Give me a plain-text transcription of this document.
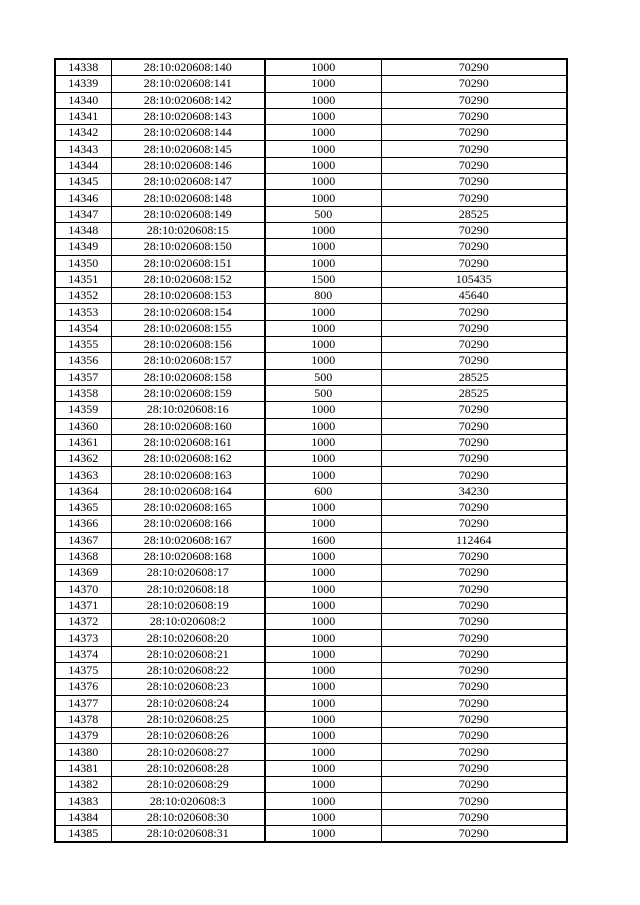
14338	28:10:020608:140	1000	70290
14339	28:10:020608:141	1000	70290
14340	28:10:020608:142	1000	70290
14341	28:10:020608:143	1000	70290
14342	28:10:020608:144	1000	70290
14343	28:10:020608:145	1000	70290
14344	28:10:020608:146	1000	70290
14345	28:10:020608:147	1000	70290
14346	28:10:020608:148	1000	70290
14347	28:10:020608:149	500	28525
14348	28:10:020608:15	1000	70290
14349	28:10:020608:150	1000	70290
14350	28:10:020608:151	1000	70290
14351	28:10:020608:152	1500	105435
14352	28:10:020608:153	800	45640
14353	28:10:020608:154	1000	70290
14354	28:10:020608:155	1000	70290
14355	28:10:020608:156	1000	70290
14356	28:10:020608:157	1000	70290
14357	28:10:020608:158	500	28525
14358	28:10:020608:159	500	28525
14359	28:10:020608:16	1000	70290
14360	28:10:020608:160	1000	70290
14361	28:10:020608:161	1000	70290
14362	28:10:020608:162	1000	70290
14363	28:10:020608:163	1000	70290
14364	28:10:020608:164	600	34230
14365	28:10:020608:165	1000	70290
14366	28:10:020608:166	1000	70290
14367	28:10:020608:167	1600	112464
14368	28:10:020608:168	1000	70290
14369	28:10:020608:17	1000	70290
14370	28:10:020608:18	1000	70290
14371	28:10:020608:19	1000	70290
14372	28:10:020608:2	1000	70290
14373	28:10:020608:20	1000	70290
14374	28:10:020608:21	1000	70290
14375	28:10:020608:22	1000	70290
14376	28:10:020608:23	1000	70290
14377	28:10:020608:24	1000	70290
14378	28:10:020608:25	1000	70290
14379	28:10:020608:26	1000	70290
14380	28:10:020608:27	1000	70290
14381	28:10:020608:28	1000	70290
14382	28:10:020608:29	1000	70290
14383	28:10:020608:3	1000	70290
14384	28:10:020608:30	1000	70290
14385	28:10:020608:31	1000	70290
